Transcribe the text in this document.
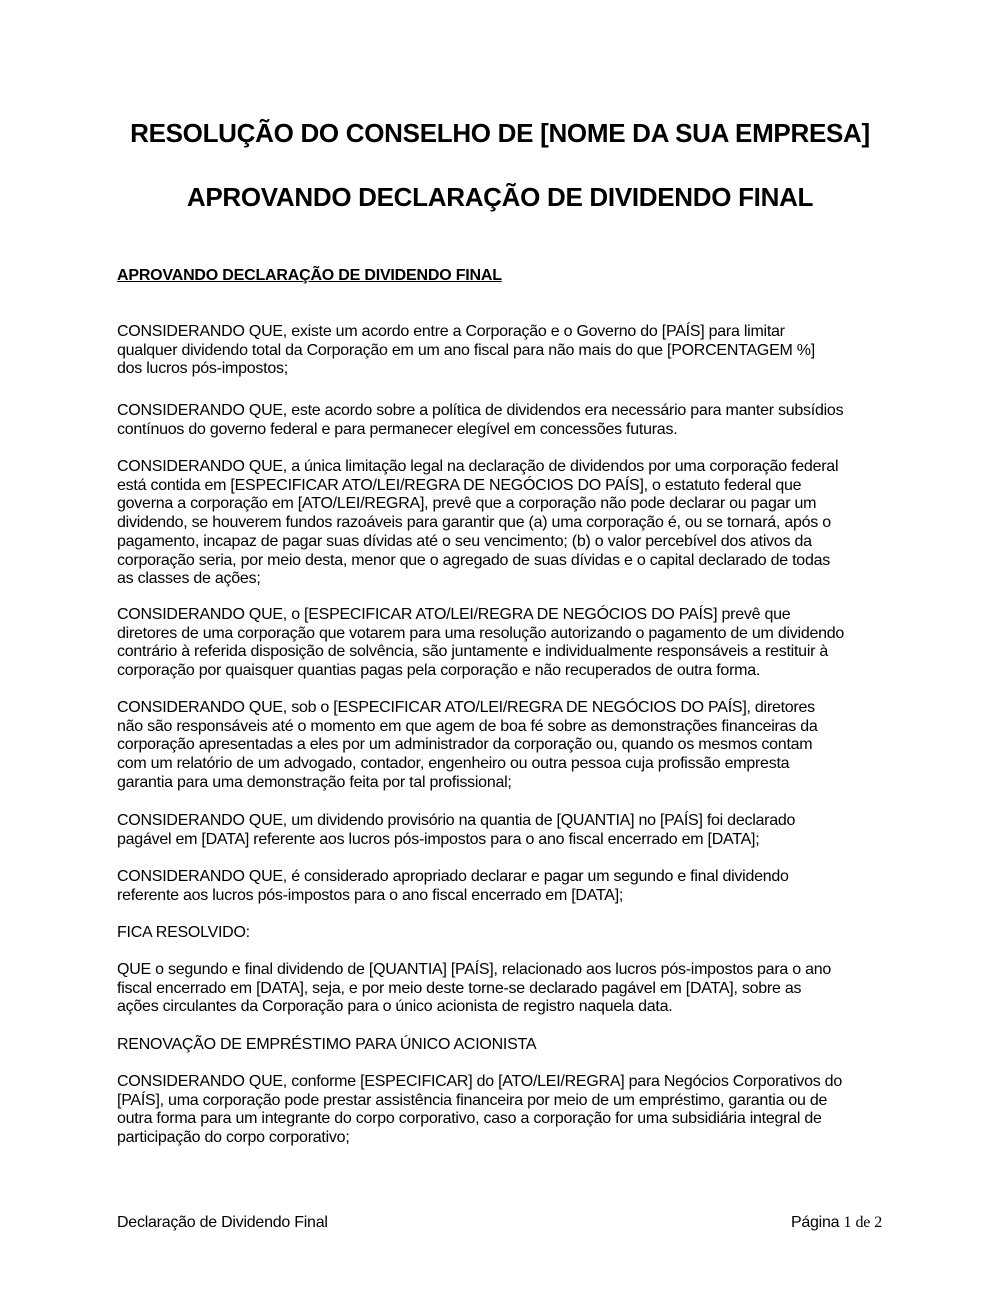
RESOLUÇÃO DO CONSELHO DE [NOME DA SUA EMPRESA]
APROVANDO DECLARAÇÃO DE DIVIDENDO FINAL
APROVANDO DECLARAÇÃO DE DIVIDENDO FINAL
CONSIDERANDO QUE, existe um acordo entre a Corporação e o Governo do [PAÍS] para limitar
qualquer dividendo total da Corporação em um ano fiscal para não mais do que [PORCENTAGEM %]
dos lucros pós-impostos;
CONSIDERANDO QUE, este acordo sobre a política de dividendos era necessário para manter subsídios
contínuos do governo federal e para permanecer elegível em concessões futuras.
CONSIDERANDO QUE, a única limitação legal na declaração de dividendos por uma corporação federal
está contida em [ESPECIFICAR ATO/LEI/REGRA DE NEGÓCIOS DO PAÍS], o estatuto federal que
governa a corporação em [ATO/LEI/REGRA], prevê que a corporação não pode declarar ou pagar um
dividendo, se houverem fundos razoáveis para garantir que (a) uma corporação é, ou se tornará, após o
pagamento, incapaz de pagar suas dívidas até o seu vencimento; (b) o valor percebível dos ativos da
corporação seria, por meio desta, menor que o agregado de suas dívidas e o capital declarado de todas
as classes de ações;
CONSIDERANDO QUE, o [ESPECIFICAR ATO/LEI/REGRA DE NEGÓCIOS DO PAÍS] prevê que
diretores de uma corporação que votarem para uma resolução autorizando o pagamento de um dividendo
contrário à referida disposição de solvência, são juntamente e individualmente responsáveis a restituir à
corporação por quaisquer quantias pagas pela corporação e não recuperados de outra forma.
CONSIDERANDO QUE, sob o [ESPECIFICAR ATO/LEI/REGRA DE NEGÓCIOS DO PAÍS], diretores
não são responsáveis até o momento em que agem de boa fé sobre as demonstrações financeiras da
corporação apresentadas a eles por um administrador da corporação ou, quando os mesmos contam
com um relatório de um advogado, contador, engenheiro ou outra pessoa cuja profissão empresta
garantia para uma demonstração feita por tal profissional;
CONSIDERANDO QUE, um dividendo provisório na quantia de [QUANTIA] no [PAÍS] foi declarado
pagável em [DATA] referente aos lucros pós-impostos para o ano fiscal encerrado em [DATA];
CONSIDERANDO QUE, é considerado apropriado declarar e pagar um segundo e final dividendo
referente aos lucros pós-impostos para o ano fiscal encerrado em [DATA];
FICA RESOLVIDO:
QUE o segundo e final dividendo de [QUANTIA] [PAÍS], relacionado aos lucros pós-impostos para o ano
fiscal encerrado em [DATA], seja, e por meio deste torne-se declarado pagável em [DATA], sobre as
ações circulantes da Corporação para o único acionista de registro naquela data.
RENOVAÇÃO DE EMPRÉSTIMO PARA ÚNICO ACIONISTA
CONSIDERANDO QUE, conforme [ESPECIFICAR] do [ATO/LEI/REGRA] para Negócios Corporativos do
[PAÍS], uma corporação pode prestar assistência financeira por meio de um empréstimo, garantia ou de
outra forma para um integrante do corpo corporativo, caso a corporação for uma subsidiária integral de
participação do corpo corporativo;
Declaração de Dividendo Final	Página 1 de 2
